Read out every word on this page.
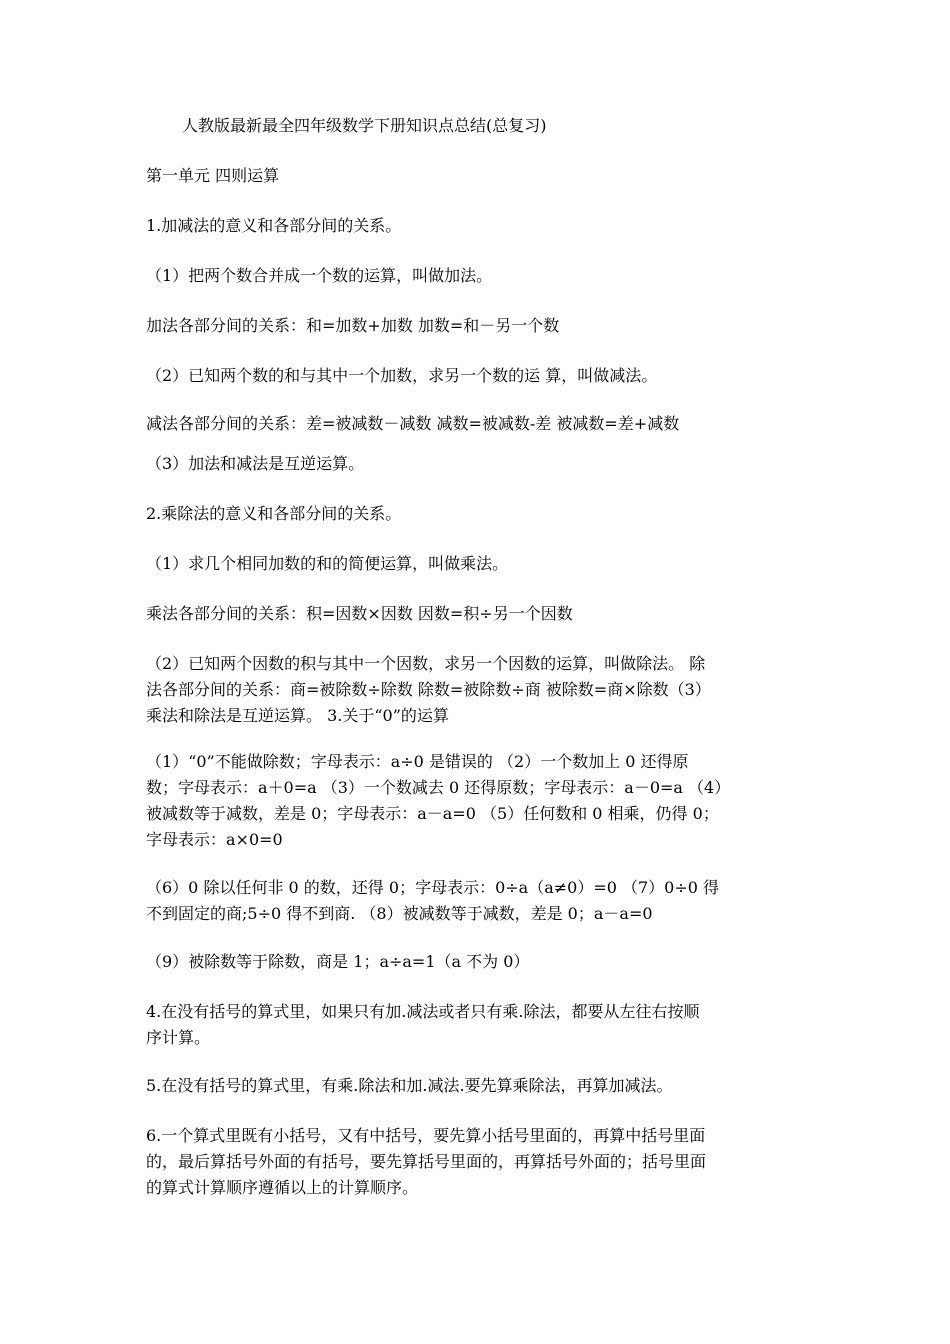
人教版最新最全四年级数学下册知识点总结(总复习)
第一单元 四则运算
1.加减法的意义和各部分间的关系。
（1）把两个数合并成一个数的运算，叫做加法。
加法各部分间的关系：和=加数+加数 加数=和－另一个数
（2）已知两个数的和与其中一个加数，求另一个数的运 算，叫做减法。
减法各部分间的关系：差=被减数－减数 减数=被减数-差 被减数=差+减数
（3）加法和减法是互逆运算。
2.乘除法的意义和各部分间的关系。
（1）求几个相同加数的和的简便运算，叫做乘法。
乘法各部分间的关系：积=因数×因数 因数=积÷另一个因数
（2）已知两个因数的积与其中一个因数，求另一个因数的运算，叫做除法。 除
法各部分间的关系：商=被除数÷除数 除数=被除数÷商 被除数=商×除数（3）
乘法和除法是互逆运算。 3.关于“0”的运算
（1）“0”不能做除数；字母表示：a÷0 是错误的 （2）一个数加上 0 还得原
数；字母表示：a＋0=a （3）一个数减去 0 还得原数；字母表示：a－0=a （4）
被减数等于减数，差是 0；字母表示：a－a=0 （5）任何数和 0 相乘，仍得 0；
字母表示：a×0=0
（6）0 除以任何非 0 的数，还得 0；字母表示：0÷a（a≠0）=0 （7）0÷0 得
不到固定的商;5÷0 得不到商. （8）被减数等于减数，差是 0；a－a=0
（9）被除数等于除数，商是 1；a÷a=1（a 不为 0）
4.在没有括号的算式里，如果只有加.减法或者只有乘.除法，都要从左往右按顺
序计算。
5.在没有括号的算式里，有乘.除法和加.减法.要先算乘除法，再算加减法。
6.一个算式里既有小括号，又有中括号，要先算小括号里面的，再算中括号里面
的，最后算括号外面的有括号，要先算括号里面的，再算括号外面的；括号里面
的算式计算顺序遵循以上的计算顺序。
